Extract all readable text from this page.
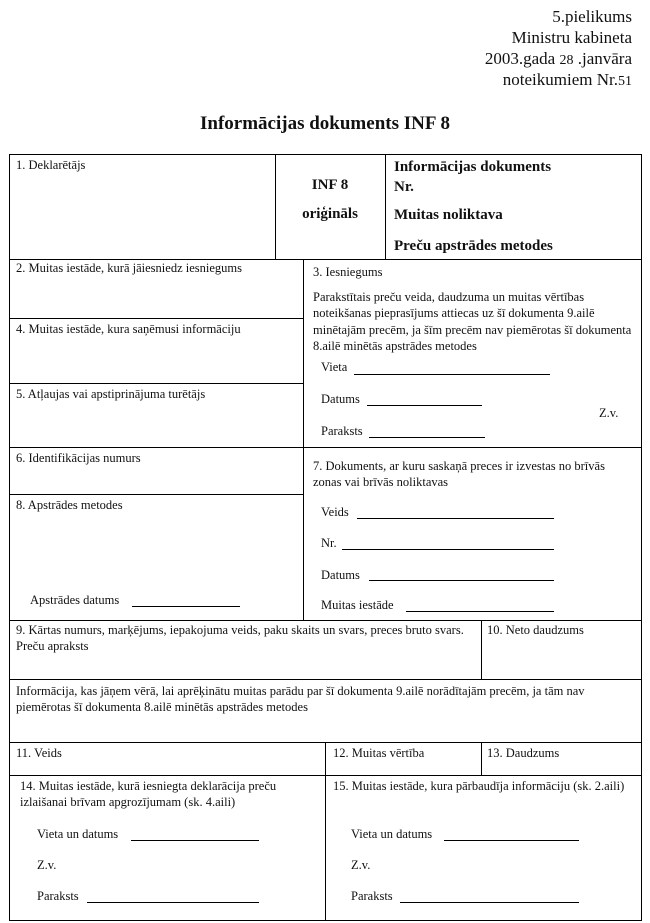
5.pielikums
Ministru kabineta
2003.gada 28 .janvāra
noteikumiem Nr.51
Informācijas dokuments INF 8
1. Deklarētājs
INF 8
oriģināls
Informācijas dokuments
Nr.
Muitas noliktava
Preču apstrādes metodes
2. Muitas iestāde, kurā jāiesniedz iesniegums
4. Muitas iestāde, kura saņēmusi informāciju
5. Atļaujas vai apstiprinājuma turētājs
6. Identifikācijas numurs
8. Apstrādes metodes
Apstrādes datums
3. Iesniegums
Parakstītais preču veida, daudzuma un muitas vērtības noteikšanas pieprasījums attiecas uz šī dokumenta 9.ailē minētajām precēm, ja šīm precēm nav piemērotas šī dokumenta 8.ailē minētās apstrādes metodes
Vieta
Datums
Paraksts
Z.v.
7. Dokuments, ar kuru saskaņā preces ir izvestas no brīvās zonas vai brīvās noliktavas
Veids
Nr.
Datums
Muitas iestāde
9. Kārtas numurs, marķējums, iepakojuma veids, paku skaits un svars, preces bruto svars. Preču apraksts
10. Neto daudzums
Informācija, kas jāņem vērā, lai aprēķinātu muitas parādu par šī dokumenta 9.ailē norādītajām precēm, ja tām nav piemērotas šī dokumenta 8.ailē minētās apstrādes metodes
11. Veids	12. Muitas vērtība	13. Daudzums
14. Muitas iestāde, kurā iesniegta deklarācija preču izlaišanai brīvam apgrozījumam (sk. 4.aili)
Vieta un datums
Z.v.
Paraksts
15. Muitas iestāde, kura pārbaudīja informāciju (sk. 2.aili)
Vieta un datums
Z.v.
Paraksts
